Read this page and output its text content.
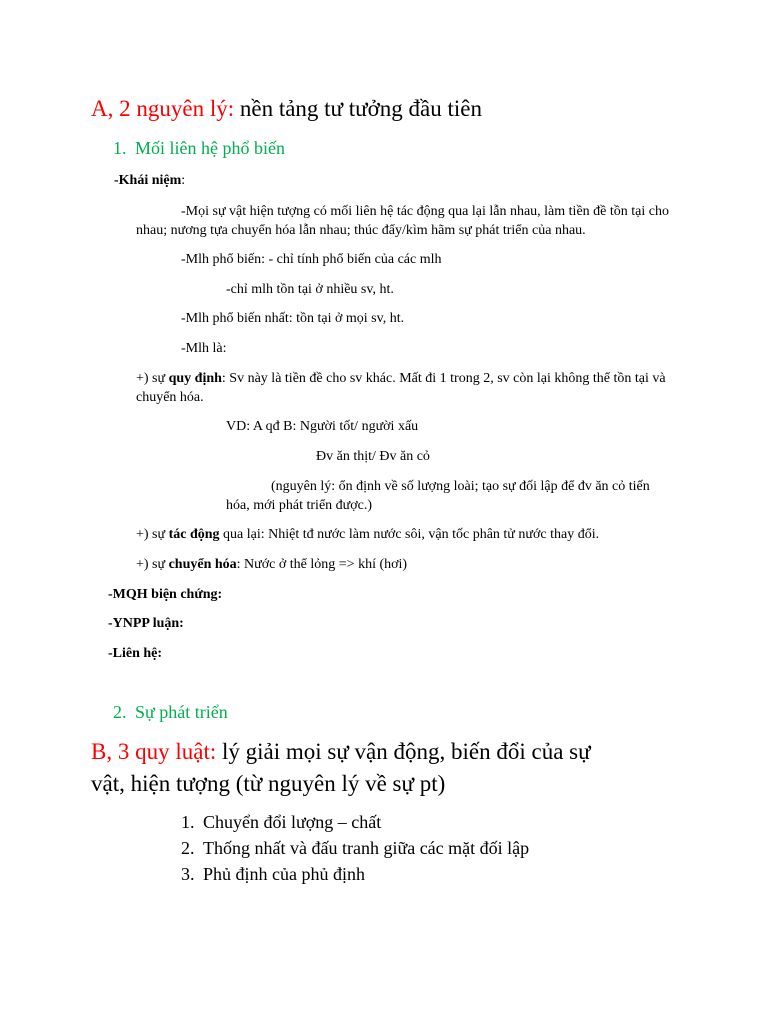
A, 2 nguyên lý: nền tảng tư tưởng đầu tiên
1. Mối liên hệ phổ biến
-Khái niệm:
-Mọi sự vật hiện tượng có mối liên hệ tác động qua lại lẫn nhau, làm tiền đề tồn tại cho nhau; nương tựa chuyển hóa lẫn nhau; thúc đẩy/kìm hãm sự phát triển của nhau.
-Mlh phổ biến: - chỉ tính phổ biến của các mlh
-chỉ mlh tồn tại ở nhiều sv, ht.
-Mlh phổ biến nhất: tồn tại ở mọi sv, ht.
-Mlh là:
+) sự quy định: Sv này là tiền đề cho sv khác. Mất đi 1 trong 2, sv còn lại không thể tồn tại và chuyển hóa.
VD: A qđ B: Người tốt/ người xấu
Đv ăn thịt/ Đv ăn cỏ
(nguyên lý: ổn định về số lượng loài; tạo sự đối lập để đv ăn cỏ tiến hóa, mới phát triển được.)
+) sự tác động qua lại: Nhiệt tđ nước làm nước sôi, vận tốc phân tử nước thay đổi.
+) sự chuyển hóa: Nước ở thể lỏng => khí (hơi)
-MQH biện chứng:
-YNPP luận:
-Liên hệ:
2. Sự phát triển
B, 3 quy luật: lý giải mọi sự vận động, biến đổi của sự
vật, hiện tượng (từ nguyên lý về sự pt)
1. Chuyển đổi lượng – chất
2. Thống nhất và đấu tranh giữa các mặt đối lập
3. Phủ định của phủ định
